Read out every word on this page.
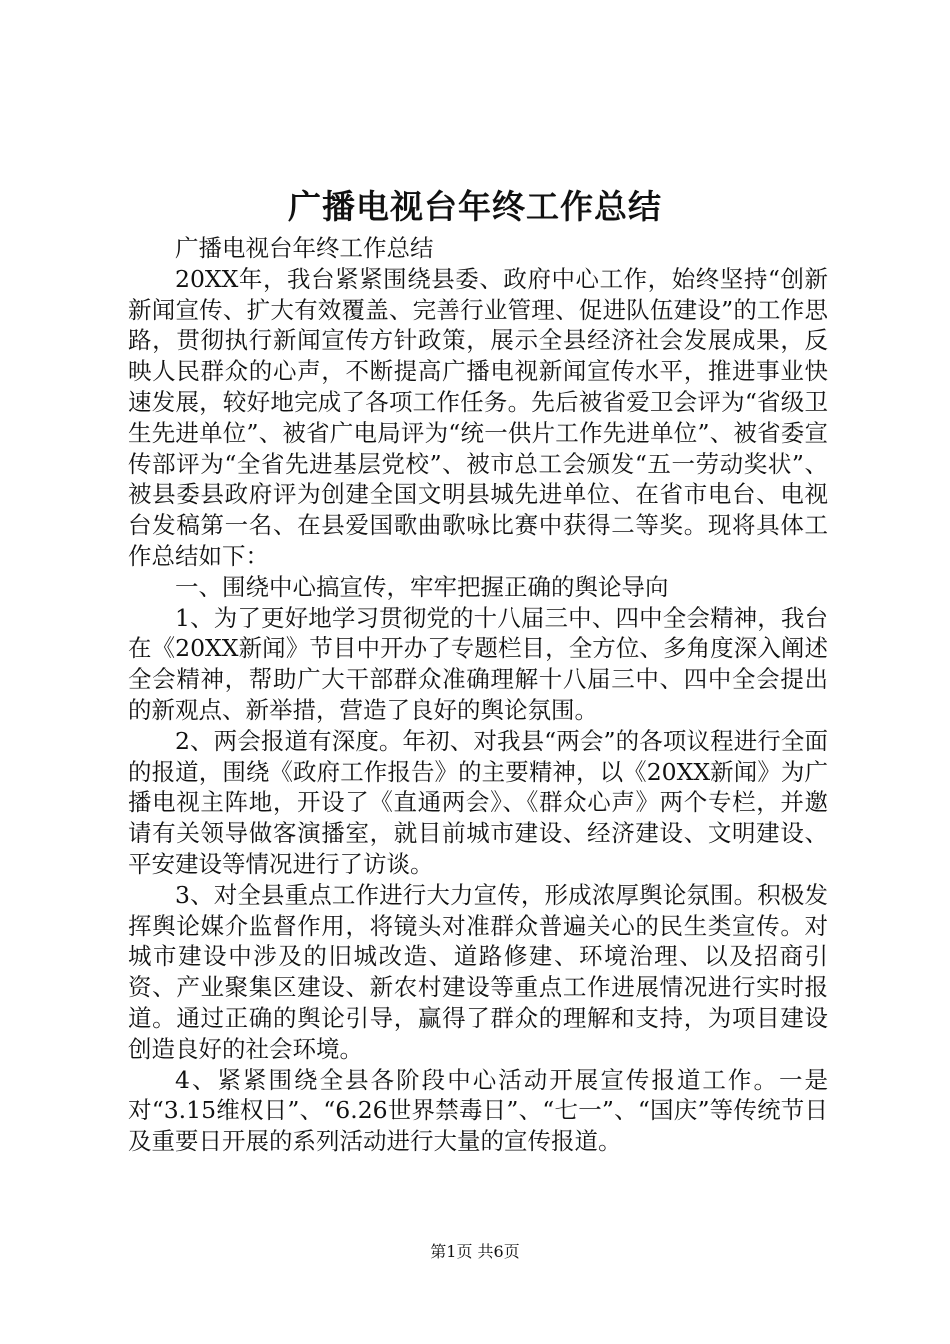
广播电视台年终工作总结

广播电视台年终工作总结

20XX年，我台紧紧围绕县委、政府中心工作，始终坚持“创新新闻宣传、扩大有效覆盖、完善行业管理、促进队伍建设”的工作思路，贯彻执行新闻宣传方针政策，展示全县经济社会发展成果，反映人民群众的心声，不断提高广播电视新闻宣传水平，推进事业快速发展，较好地完成了各项工作任务。先后被省爱卫会评为“省级卫生先进单位”、被省广电局评为“统一供片工作先进单位”、被省委宣传部评为“全省先进基层党校”、被市总工会颁发“五一劳动奖状”、被县委县政府评为创建全国文明县城先进单位、在省市电台、电视台发稿第一名、在县爱国歌曲歌咏比赛中获得二等奖。现将具体工作总结如下：

一、围绕中心搞宣传，牢牢把握正确的舆论导向

1、为了更好地学习贯彻党的十八届三中、四中全会精神，我台在《20XX新闻》节目中开办了专题栏目，全方位、多角度深入阐述全会精神，帮助广大干部群众准确理解十八届三中、四中全会提出的新观点、新举措，营造了良好的舆论氛围。

2、两会报道有深度。年初、对我县“两会”的各项议程进行全面的报道，围绕《政府工作报告》的主要精神，以《20XX新闻》为广播电视主阵地，开设了《直通两会》、《群众心声》两个专栏，并邀请有关领导做客演播室，就目前城市建设、经济建设、文明建设、平安建设等情况进行了访谈。

3、对全县重点工作进行大力宣传，形成浓厚舆论氛围。积极发挥舆论媒介监督作用，将镜头对准群众普遍关心的民生类宣传。对城市建设中涉及的旧城改造、道路修建、环境治理、以及招商引资、产业聚集区建设、新农村建设等重点工作进展情况进行实时报道。通过正确的舆论引导，赢得了群众的理解和支持，为项目建设创造良好的社会环境。

4、紧紧围绕全县各阶段中心活动开展宣传报道工作。一是对“3.15维权日”、“6.26世界禁毒日”、“七一”、“国庆”等传统节日及重要日开展的系列活动进行大量的宣传报道。

第1页 共6页
